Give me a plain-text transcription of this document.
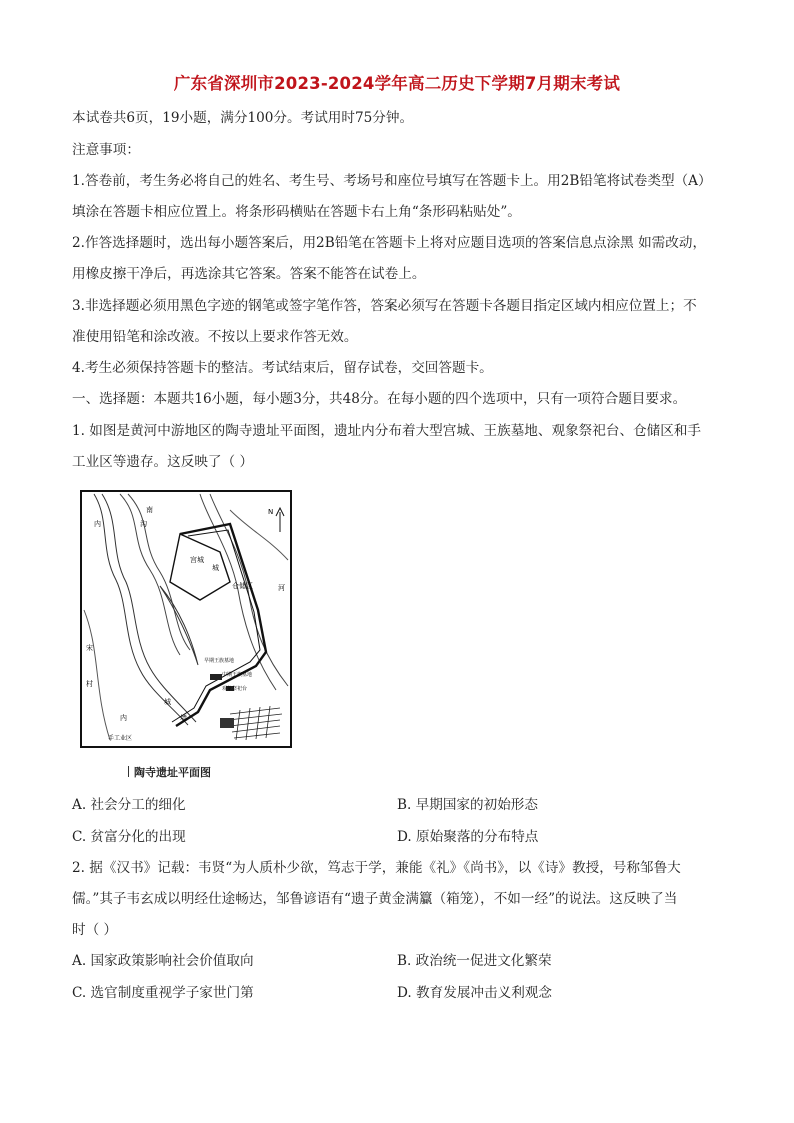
广东省深圳市2023-2024学年高二历史下学期7月期末考试
本试卷共6页，19小题，满分100分。考试用时75分钟。
注意事项：
1.答卷前，考生务必将自己的姓名、考生号、考场号和座位号填写在答题卡上。用2B铅笔将试卷类型（A）
填涂在答题卡相应位置上。将条形码横贴在答题卡右上角“条形码粘贴处”。
2.作答选择题时，选出每小题答案后，用2B铅笔在答题卡上将对应题目选项的答案信息点涂黑 如需改动，
用橡皮擦干净后，再选涂其它答案。答案不能答在试卷上。
3.非选择题必须用黑色字迹的钢笔或签字笔作答，答案必须写在答题卡各题目指定区域内相应位置上；不
准使用铅笔和涂改液。不按以上要求作答无效。
4.考生必须保持答题卡的整洁。考试结束后，留存试卷，交回答题卡。
一、选择题：本题共16小题，每小题3分，共48分。在每小题的四个选项中，只有一项符合题目要求。
1. 如图是黄河中游地区的陶寺遗址平面图，遗址内分布着大型宫城、王族墓地、观象祭祀台、仓储区和手
工业区等遗存。这反映了（ ）
N
宫城
城
仓储区
早期王族墓地
中期王族墓地
观象祭祀台
手工业区
南
沟
河
宋
村
内
内
城
墙
陶寺遗址平面图
A. 社会分工的细化	B. 早期国家的初始形态
C. 贫富分化的出现	D. 原始聚落的分布特点
2. 据《汉书》记载：韦贤“为人质朴少欲，笃志于学，兼能《礼》《尚书》，以《诗》教授，号称邹鲁大
儒。”其子韦玄成以明经仕途畅达，邹鲁谚语有“遗子黄金满籯（箱笼），不如一经”的说法。这反映了当
时（ ）
A. 国家政策影响社会价值取向	B. 政治统一促进文化繁荣
C. 选官制度重视学子家世门第	D. 教育发展冲击义利观念
